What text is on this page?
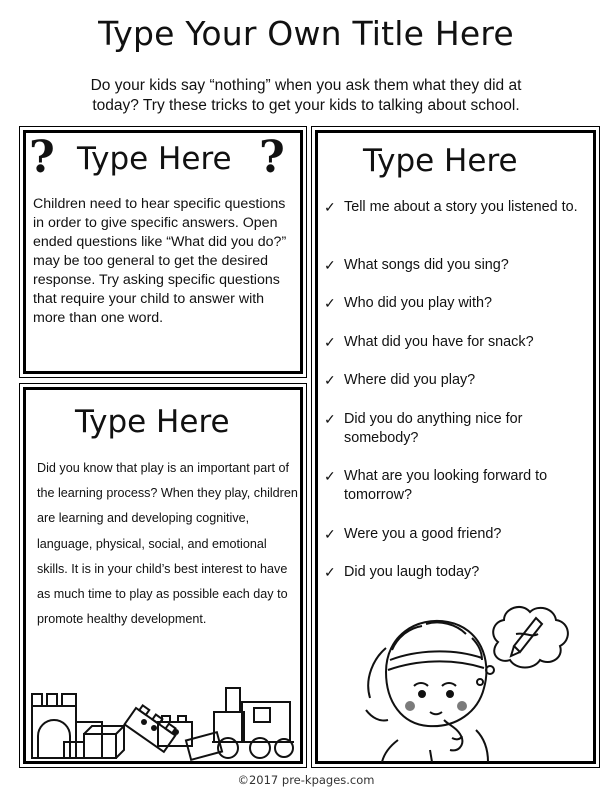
Type Your Own Title Here
Do your kids say “nothing” when you ask them what they did at
today? Try these tricks to get your kids to talking about school.
? Type Here ?
Children need to hear specific questions in order to give specific answers. Open ended questions like “What did you do?” may be too general to get the desired response. Try asking specific questions that require your child to answer with more than one word.
Type Here
Did you know that play is an important part of the learning process? When they play, children are learning and developing cognitive, language, physical, social, and emotional skills. It is in your child’s best interest to have as much time to play as possible each day to promote healthy development.
Type Here
✓ Tell me about a story you listened to.
✓ What songs did you sing?
✓ Who did you play with?
✓ What did you have for snack?
✓ Where did you play?
✓ Did you do anything nice for somebody?
✓ What are you looking forward to tomorrow?
✓ Were you a good friend?
✓ Did you laugh today?
©2017 pre-kpages.com
